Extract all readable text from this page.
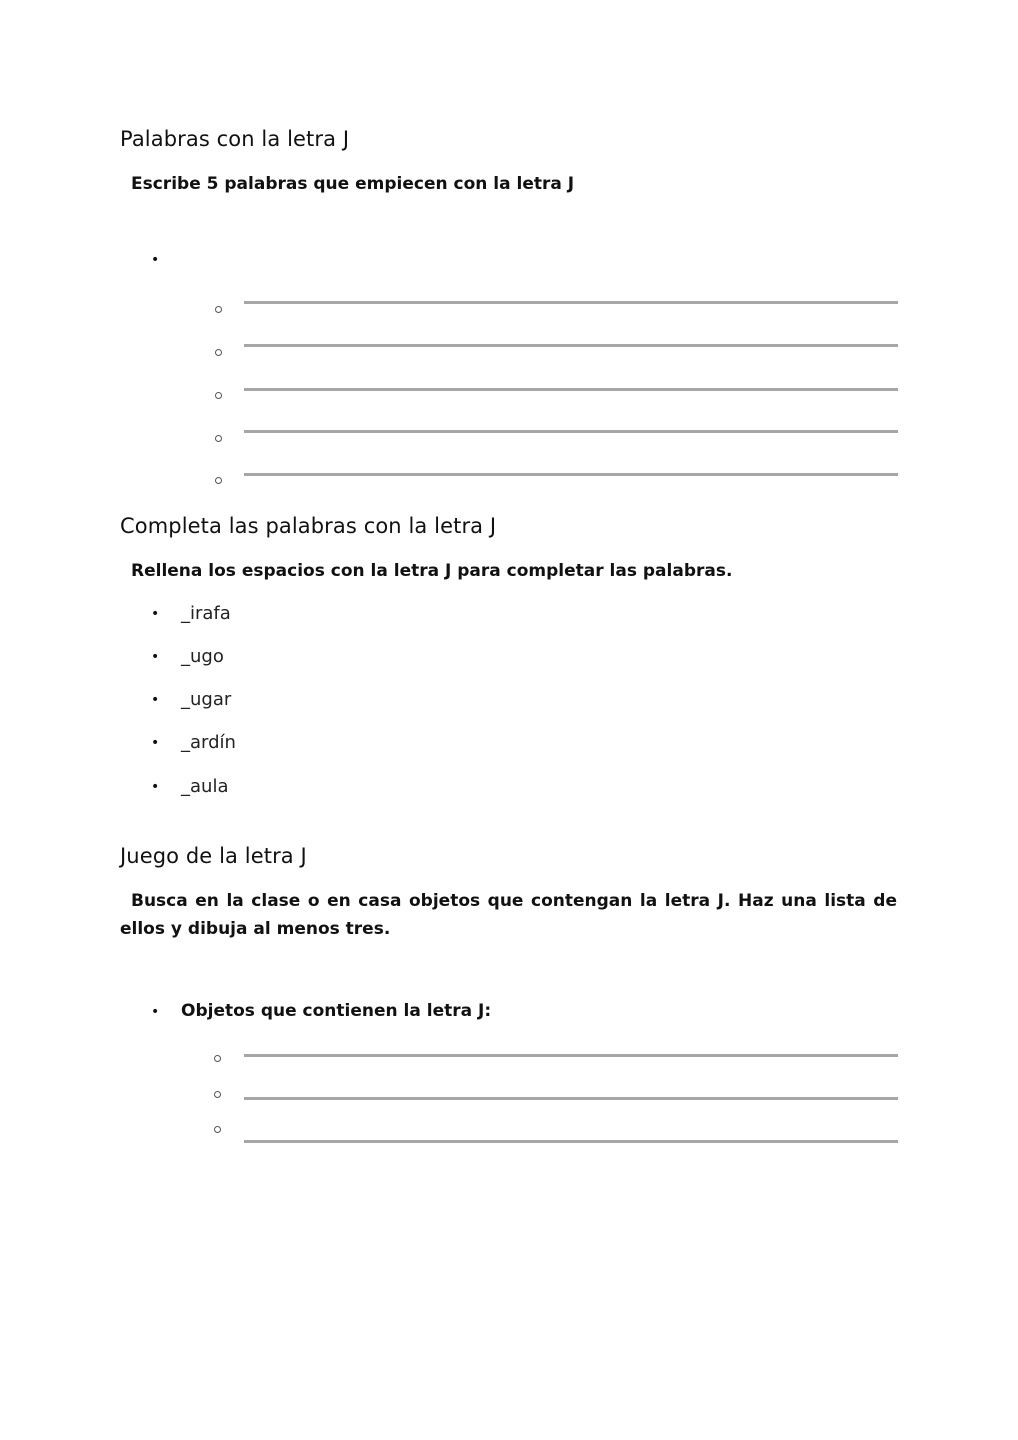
Palabras con la letra J
Escribe 5 palabras que empiecen con la letra J
•
Completa las palabras con la letra J
Rellena los espacios con la letra J para completar las palabras.
• _irafa
• _ugo
• _ugar
• _ardín
• _aula
Juego de la letra J
Busca en la clase o en casa objetos que contengan la letra J. Haz una lista de ellos y dibuja al menos tres.
• Objetos que contienen la letra J:
